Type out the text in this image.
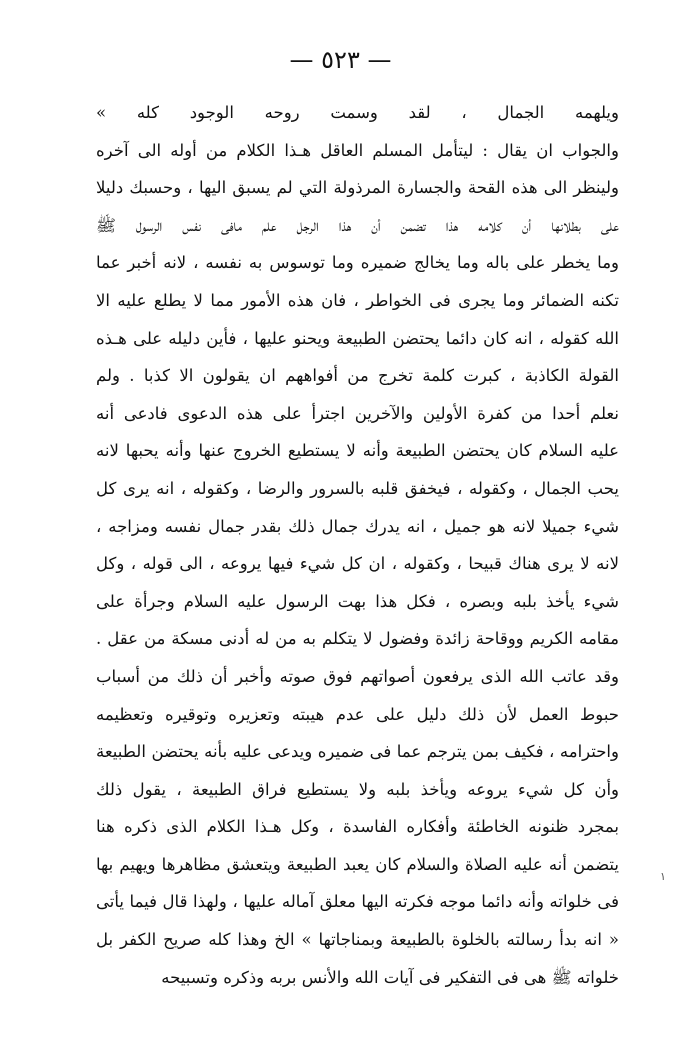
— ٥٢٣ —
ويلهمه الجمال ، لقد وسمت روحه الوجود كله »
والجواب ان يقال : ليتأمل المسلم العاقل هـذا الكلام من أوله الى آخره
ولينظر الى هذه القحة والجسارة المرذولة التي لم يسبق اليها ، وحسبك دليلا
على بطلانها أن كلامه هذا تضمن أن هذا الرجل علم مافى نفس الرسول ﷺ
وما يخطر على باله وما يخالج ضميره وما توسوس به نفسه ، لانه أخبر عما
تكنه الضمائر وما يجرى فى الخواطر ، فان هذه الأمور مما لا يطلع عليه الا
الله كقوله ، انه كان دائما يحتضن الطبيعة ويحنو عليها ، فأين دليله على هـذه
القولة الكاذبة ، كبرت كلمة تخرج من أفواههم ان يقولون الا كذبا . ولم
نعلم أحدا من كفرة الأولين والآخرين اجترأ على هذه الدعوى فادعى أنه
عليه السلام كان يحتضن الطبيعة وأنه لا يستطيع الخروج عنها وأنه يحبها لانه
يحب الجمال ، وكقوله ، فيخفق قلبه بالسرور والرضا ، وكقوله ، انه يرى كل
شيء جميلا لانه هو جميل ، انه يدرك جمال ذلك بقدر جمال نفسه ومزاجه ،
لانه لا يرى هناك قبيحا ، وكقوله ، ان كل شيء فيها يروعه ، الى قوله ، وكل
شيء يأخذ بلبه وبصره ، فكل هذا بهت الرسول عليه السلام وجرأة على
مقامه الكريم ووقاحة زائدة وفضول لا يتكلم به من له أدنى مسكة من عقل .
وقد عاتب الله الذى يرفعون أصواتهم فوق صوته وأخبر أن ذلك من أسباب
حبوط العمل لأن ذلك دليل على عدم هيبته وتعزيره وتوقيره وتعظيمه
واحترامه ، فكيف بمن يترجم عما فى ضميره ويدعى عليه بأنه يحتضن الطبيعة
وأن كل شيء يروعه ويأخذ بلبه ولا يستطيع فراق الطبيعة ، يقول ذلك
بمجرد ظنونه الخاطئة وأفكاره الفاسدة ، وكل هـذا الكلام الذى ذكره هنا
يتضمن أنه عليه الصلاة والسلام كان يعبد الطبيعة ويتعشق مظاهرها ويهيم بها
فى خلواته وأنه دائما موجه فكرته اليها معلق آماله عليها ، ولهذا قال فيما يأتى
« انه بدأ رسالته بالخلوة بالطبيعة وبمناجاتها » الخ وهذا كله صريح الكفر بل
خلواته ﷺ هى فى التفكير فى آيات الله والأنس بربه وذكره وتسبيحه
١
